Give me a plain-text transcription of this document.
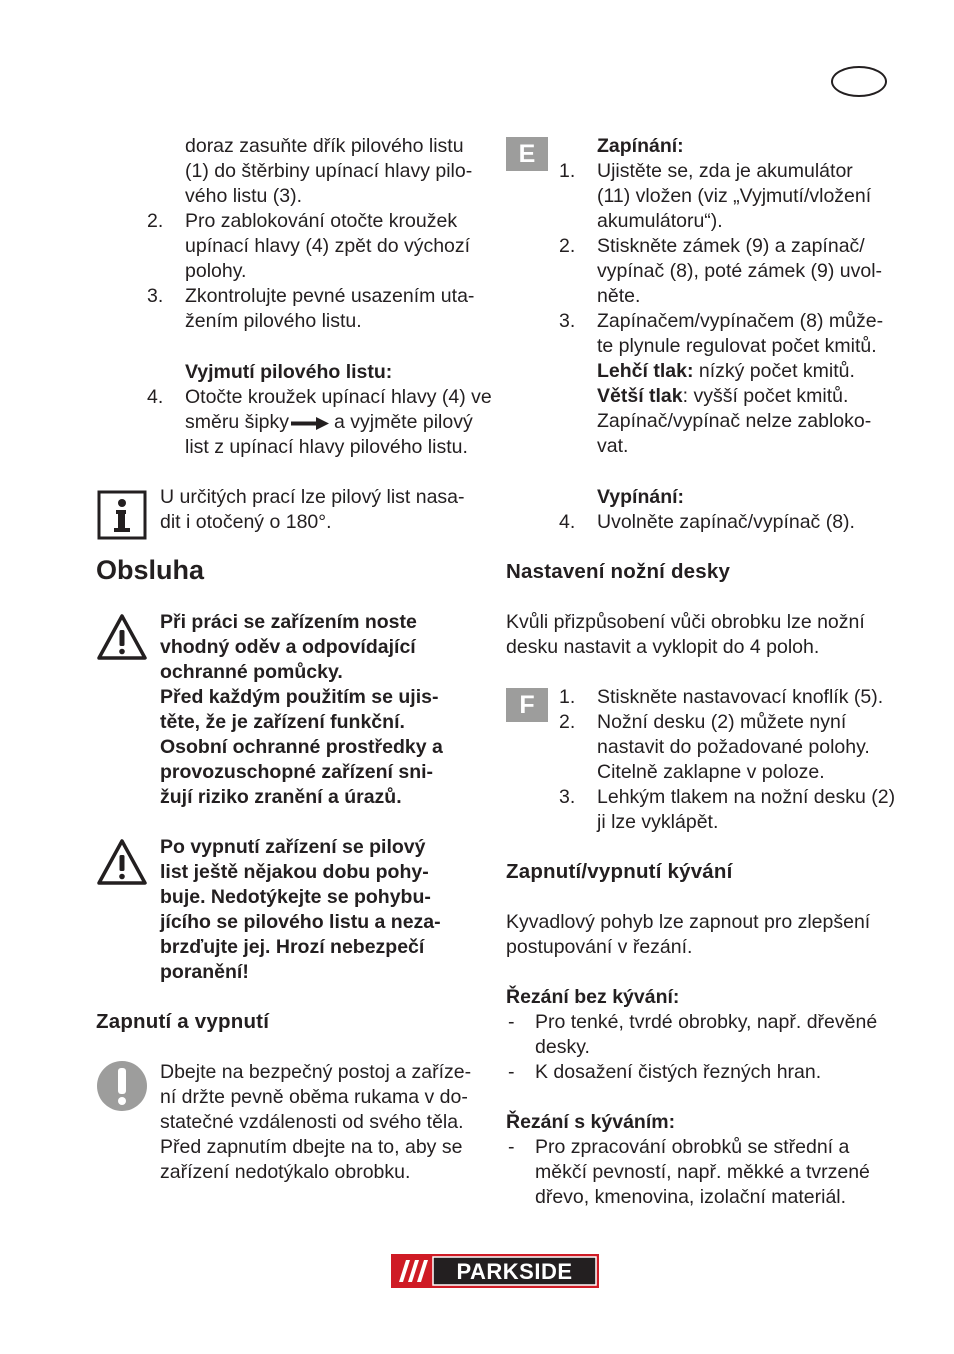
doraz zasuňte dřík pilového listu
(1) do štěrbiny upínací hlavy pilo-
vého listu (3).
2. Pro zablokování otočte kroužek
upínací hlavy (4) zpět do výchozí
polohy.
3. Zkontrolujte pevné usazením uta-
žením pilového listu.
Vyjmutí pilového listu:
4. Otočte kroužek upínací hlavy (4) ve
směru šipky a vyjměte pilový
list z upínací hlavy pilového listu.
U určitých prací lze pilový list nasa-
dit i otočený o 180°.
Obsluha
Při práci se zařízením noste
vhodný oděv a odpovídající
ochranné pomůcky.
Před každým použitím se ujis-
těte, že je zařízení funkční.
Osobní ochranné prostředky a
provozuschopné zařízení sni-
žují riziko zranění a úrazů.
Po vypnutí zařízení se pilový
list ještě nějakou dobu pohy-
buje. Nedotýkejte se pohybu-
jícího se pilového listu a neza-
brzďujte jej. Hrozí nebezpečí
poranění!
Zapnutí a vypnutí
Dbejte na bezpečný postoj a zaříze-
ní držte pevně oběma rukama v do-
statečné vzdálenosti od svého těla.
Před zapnutím dbejte na to, aby se
zařízení nedotýkalo obrobku.
E	Zapínání:
1. Ujistěte se, zda je akumulátor
(11) vložen (viz „Vyjmutí/vložení
akumulátoru“).
2. Stiskněte zámek (9) a zapínač/
vypínač (8), poté zámek (9) uvol-
něte.
3. Zapínačem/vypínačem (8) může-
te plynule regulovat počet kmitů.
Lehčí tlak: nízký počet kmitů.
Větší tlak: vyšší počet kmitů.
Zapínač/vypínač nelze zabloko-
vat.
Vypínání:
4. Uvolněte zapínač/vypínač (8).
Nastavení nožní desky
Kvůli přizpůsobení vůči obrobku lze nožní
desku nastavit a vyklopit do 4 poloh.
F	1. Stiskněte nastavovací knoflík (5).
2. Nožní desku (2) můžete nyní
nastavit do požadované polohy.
Citelně zaklapne v poloze.
3. Lehkým tlakem na nožní desku (2)
ji lze vyklápět.
Zapnutí/vypnutí kývání
Kyvadlový pohyb lze zapnout pro zlepšení
postupování v řezání.
Řezání bez kývání:
- Pro tenké, tvrdé obrobky, např. dřevěné
desky.
- K dosažení čistých řezných hran.
Řezání s kýváním:
- Pro zpracování obrobků se střední a
měkčí pevností, např. měkké a tvrzené
dřevo, kmenovina, izolační materiál.
PARKSIDE
